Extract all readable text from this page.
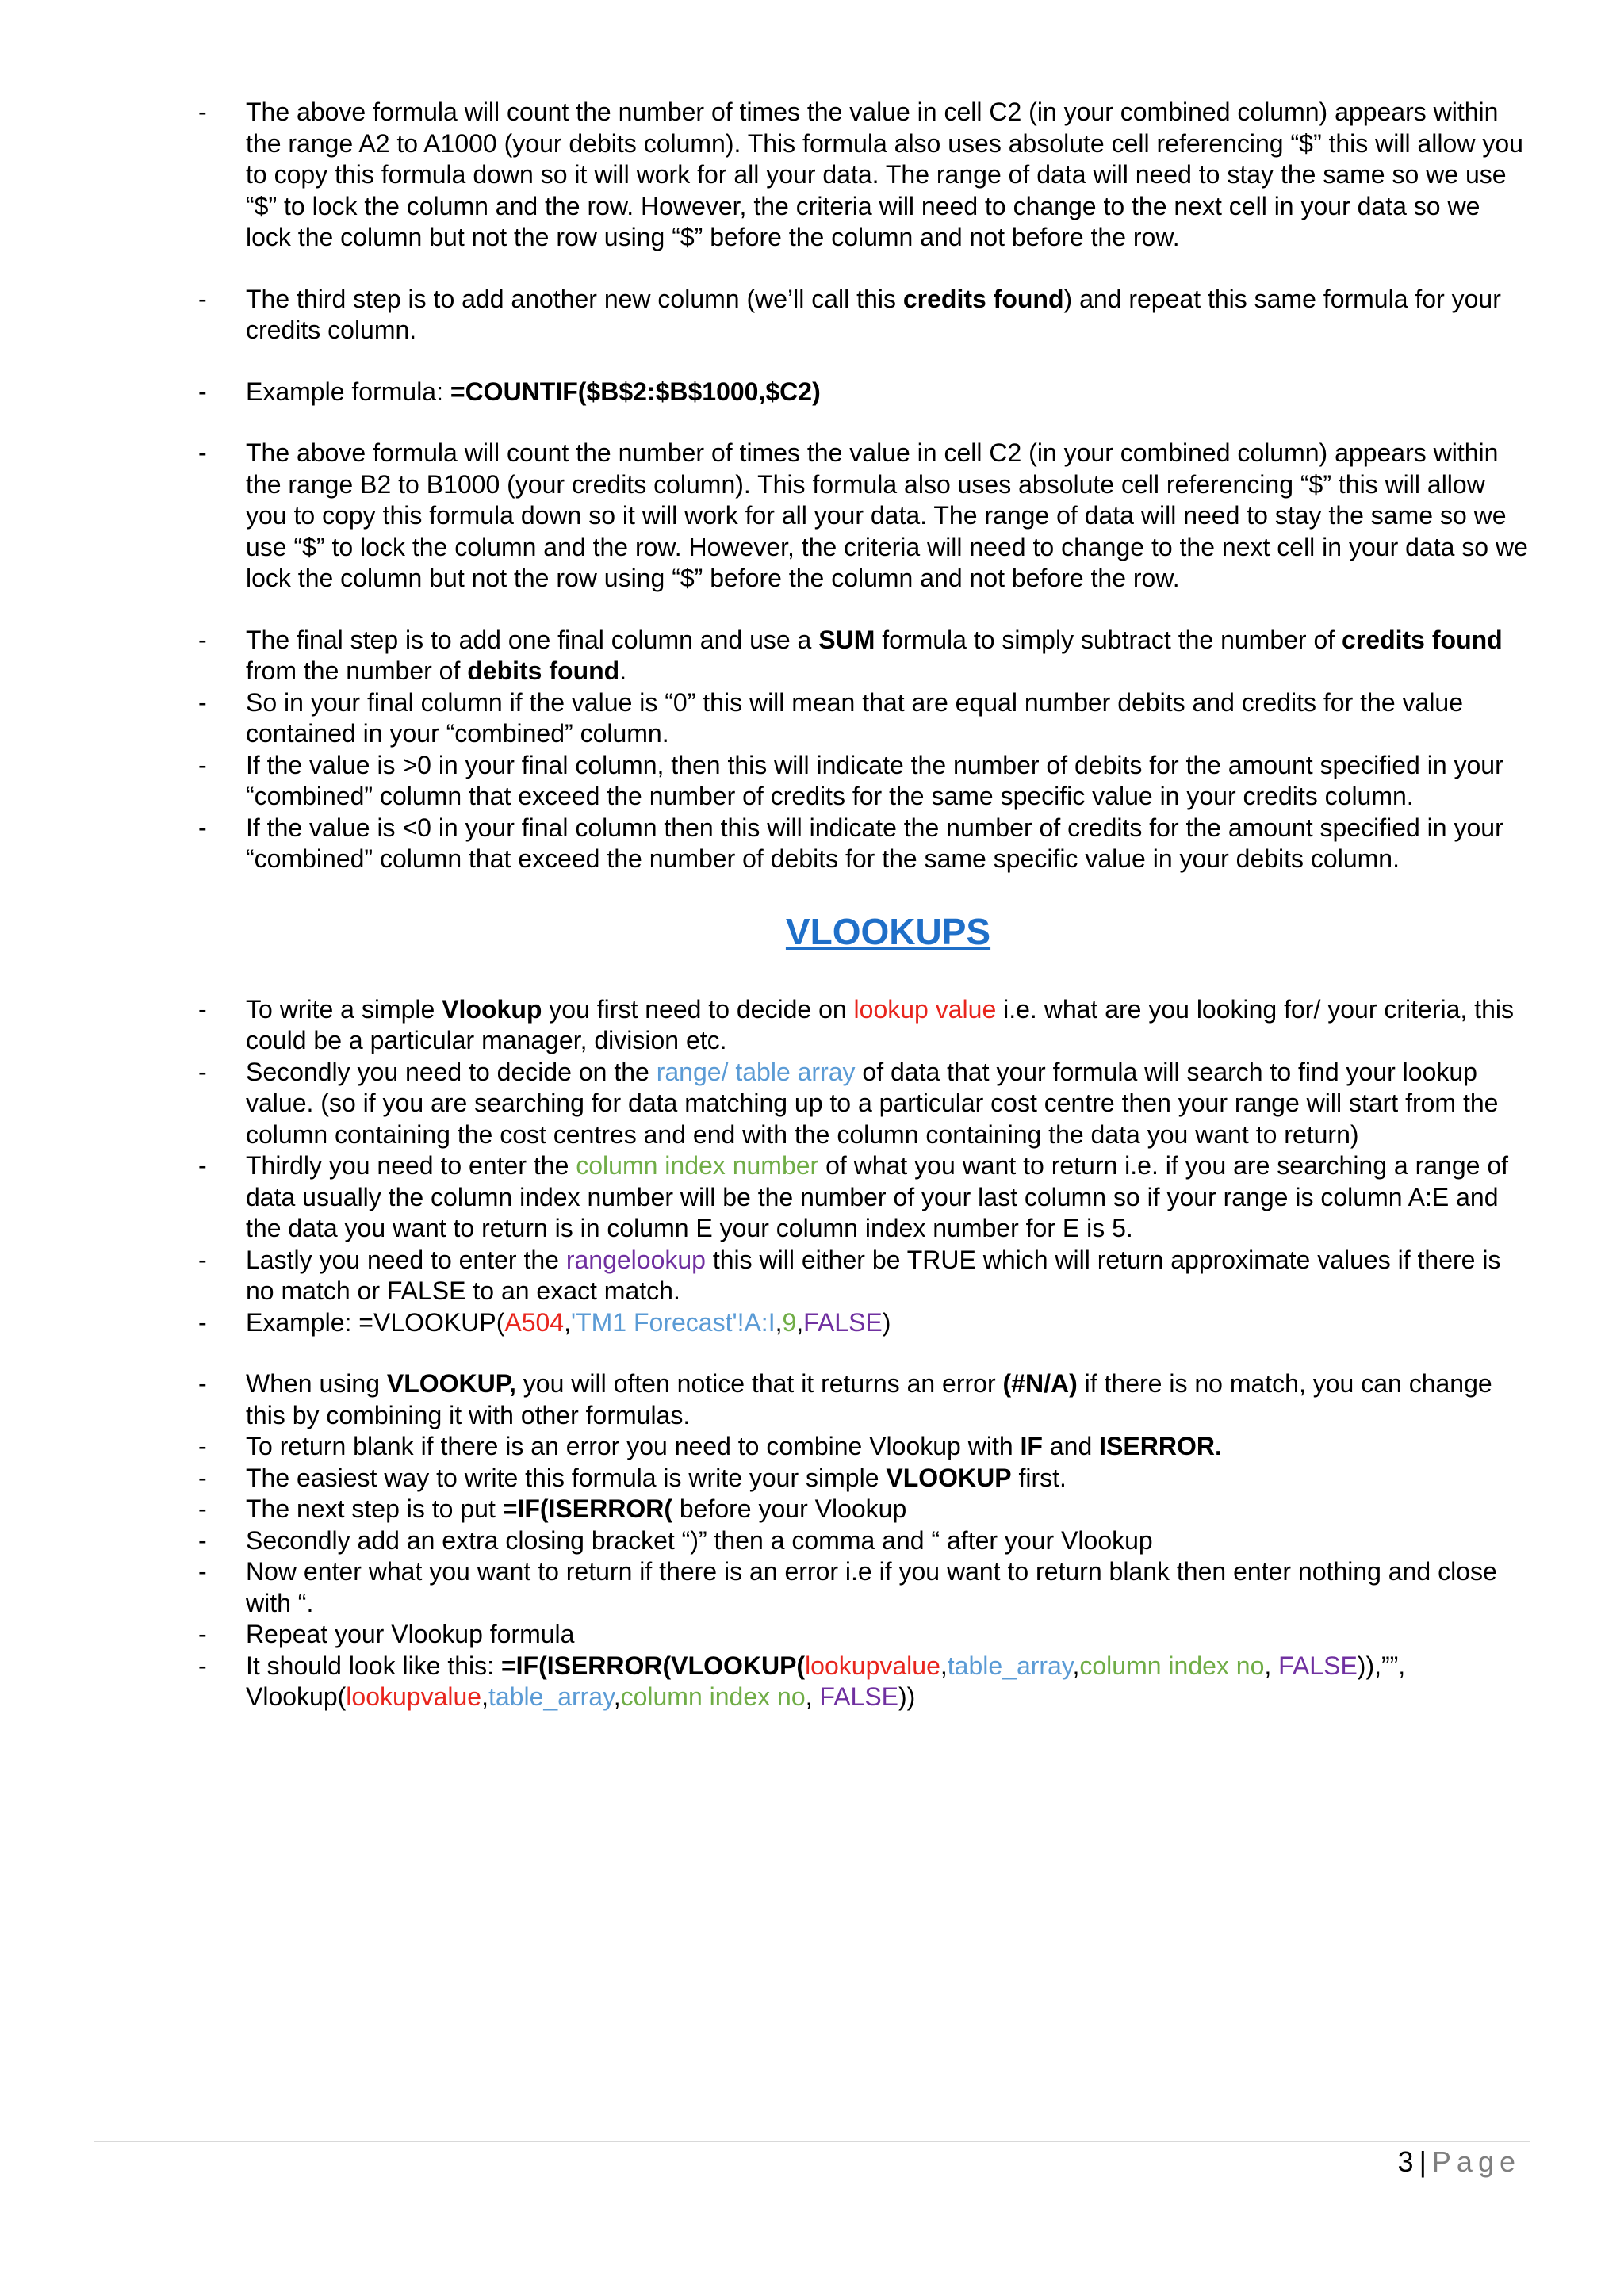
- The above formula will count the number of times the value in cell C2 (in your combined column) appears within the range A2 to A1000 (your debits column). This formula also uses absolute cell referencing “$” this will allow you to copy this formula down so it will work for all your data. The range of data will need to stay the same so we use “$” to lock the column and the row. However, the criteria will need to change to the next cell in your data so we lock the column but not the row using “$” before the column and not before the row.
- The third step is to add another new column (we’ll call this credits found) and repeat this same formula for your credits column.
- Example formula: =COUNTIF($B$2:$B$1000,$C2)
- The above formula will count the number of times the value in cell C2 (in your combined column) appears within the range B2 to B1000 (your credits column). This formula also uses absolute cell referencing “$” this will allow you to copy this formula down so it will work for all your data. The range of data will need to stay the same so we use “$” to lock the column and the row. However, the criteria will need to change to the next cell in your data so we lock the column but not the row using “$” before the column and not before the row.
- The final step is to add one final column and use a SUM formula to simply subtract the number of credits found from the number of debits found.
- So in your final column if the value is “0” this will mean that are equal number debits and credits for the value contained in your “combined” column.
- If the value is >0 in your final column, then this will indicate the number of debits for the amount specified in your “combined” column that exceed the number of credits for the same specific value in your credits column.
- If the value is <0 in your final column then this will indicate the number of credits for the amount specified in your “combined” column that exceed the number of debits for the same specific value in your debits column.
VLOOKUPS
- To write a simple Vlookup you first need to decide on lookup value i.e. what are you looking for/ your criteria, this could be a particular manager, division etc.
- Secondly you need to decide on the range/ table array of data that your formula will search to find your lookup value. (so if you are searching for data matching up to a particular cost centre then your range will start from the column containing the cost centres and end with the column containing the data you want to return)
- Thirdly you need to enter the column index number of what you want to return i.e. if you are searching a range of data usually the column index number will be the number of your last column so if your range is column A:E and the data you want to return is in column E your column index number for E is 5.
- Lastly you need to enter the rangelookup this will either be TRUE which will return approximate values if there is no match or FALSE to an exact match.
- Example: =VLOOKUP(A504,'TM1 Forecast'!A:I,9,FALSE)
- When using VLOOKUP, you will often notice that it returns an error (#N/A) if there is no match, you can change this by combining it with other formulas.
- To return blank if there is an error you need to combine Vlookup with IF and ISERROR.
- The easiest way to write this formula is write your simple VLOOKUP first.
- The next step is to put =IF(ISERROR( before your Vlookup
- Secondly add an extra closing bracket “)” then a comma and “ after your Vlookup
- Now enter what you want to return if there is an error i.e if you want to return blank then enter nothing and close with “.
- Repeat your Vlookup formula
- It should look like this: =IF(ISERROR(VLOOKUP(lookupvalue,table_array,column index no, FALSE)),””, Vlookup(lookupvalue,table_array,column index no, FALSE))
3 | Page
